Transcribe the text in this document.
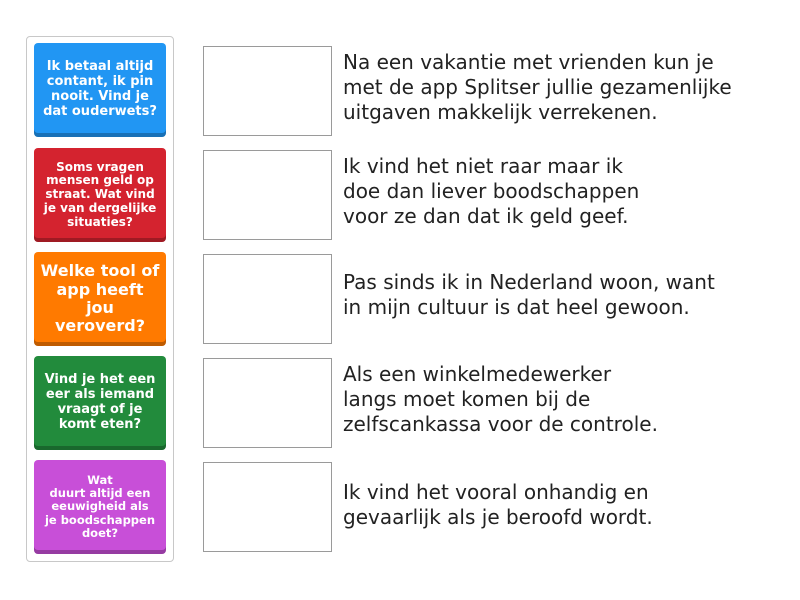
Ik betaal altijd
contant, ik pin
nooit. Vind je
dat ouderwets?
Soms vragen
mensen geld op
straat. Wat vind
je van dergelijke
situaties?
Welke tool of
app heeft jou
veroverd?
Vind je het een
eer als iemand
vraagt of je
komt eten?
Wat
duurt altijd een
eeuwigheid als
je boodschappen
doet?
Na een vakantie met vrienden kun je
met de app Splitser jullie gezamenlijke
uitgaven makkelijk verrekenen.
Ik vind het niet raar maar ik
doe dan liever boodschappen
voor ze dan dat ik geld geef.
Pas sinds ik in Nederland woon, want
in mijn cultuur is dat heel gewoon.
Als een winkelmedewerker
langs moet komen bij de
zelfscankassa voor de controle.
Ik vind het vooral onhandig en
gevaarlijk als je beroofd wordt.
